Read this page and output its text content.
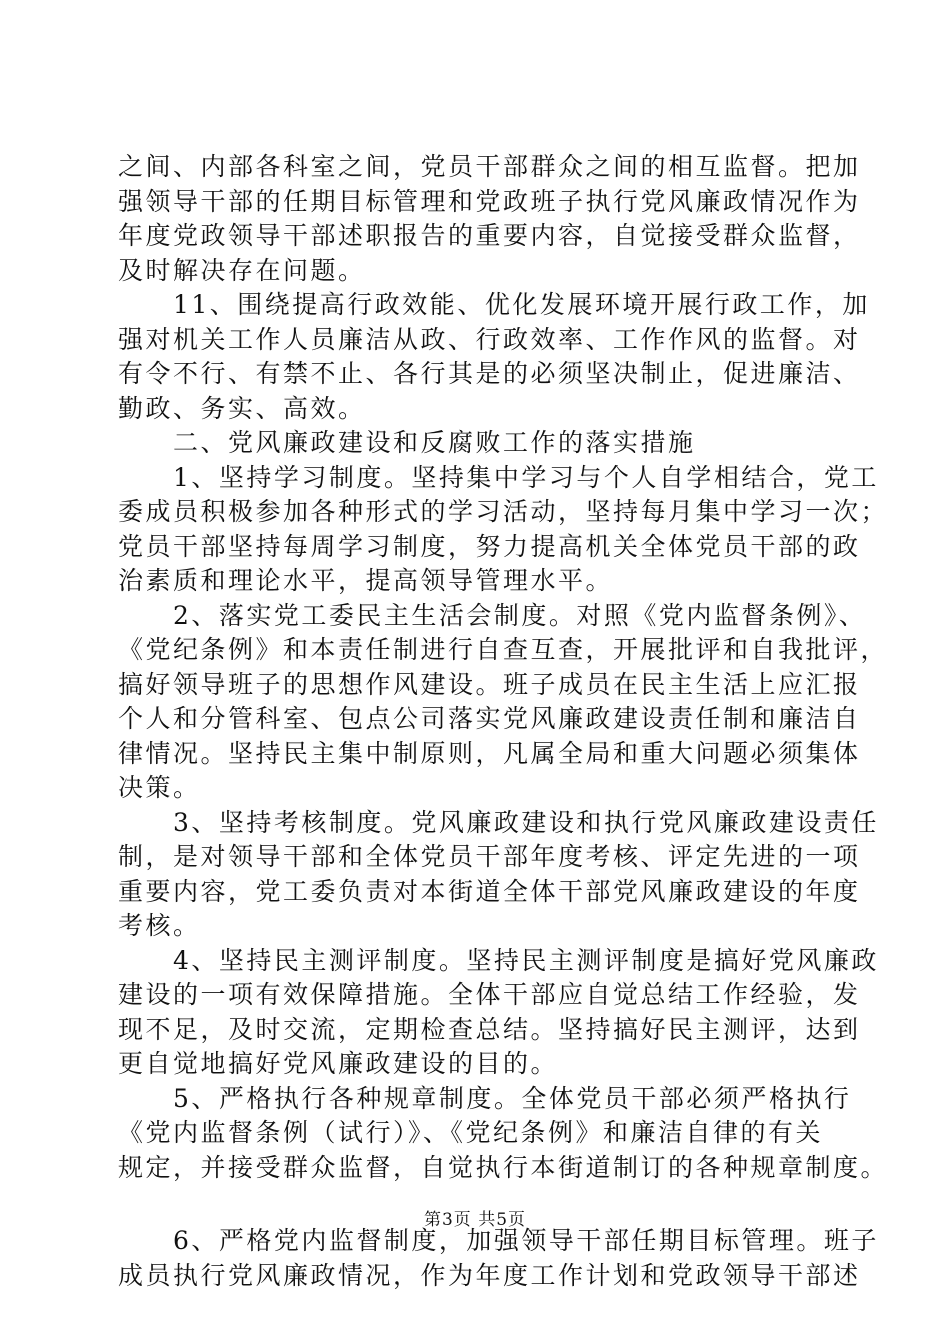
之间、内部各科室之间，党员干部群众之间的相互监督。把加
强领导干部的任期目标管理和党政班子执行党风廉政情况作为
年度党政领导干部述职报告的重要内容，自觉接受群众监督，
及时解决存在问题。
　　11、围绕提高行政效能、优化发展环境开展行政工作，加
强对机关工作人员廉洁从政、行政效率、工作作风的监督。对
有令不行、有禁不止、各行其是的必须坚决制止，促进廉洁、
勤政、务实、高效。
　　二、党风廉政建设和反腐败工作的落实措施
　　1、坚持学习制度。坚持集中学习与个人自学相结合，党工
委成员积极参加各种形式的学习活动，坚持每月集中学习一次；
党员干部坚持每周学习制度，努力提高机关全体党员干部的政
治素质和理论水平，提高领导管理水平。
　　2、落实党工委民主生活会制度。对照《党内监督条例》、
《党纪条例》和本责任制进行自查互查，开展批评和自我批评，
搞好领导班子的思想作风建设。班子成员在民主生活上应汇报
个人和分管科室、包点公司落实党风廉政建设责任制和廉洁自
律情况。坚持民主集中制原则，凡属全局和重大问题必须集体
决策。
　　3、坚持考核制度。党风廉政建设和执行党风廉政建设责任
制，是对领导干部和全体党员干部年度考核、评定先进的一项
重要内容，党工委负责对本街道全体干部党风廉政建设的年度
考核。
　　4、坚持民主测评制度。坚持民主测评制度是搞好党风廉政
建设的一项有效保障措施。全体干部应自觉总结工作经验，发
现不足，及时交流，定期检查总结。坚持搞好民主测评，达到
更自觉地搞好党风廉政建设的目的。
　　5、严格执行各种规章制度。全体党员干部必须严格执行
《党内监督条例（试行）》、《党纪条例》和廉洁自律的有关
规定，并接受群众监督，自觉执行本街道制订的各种规章制度。
　　6、严格党内监督制度，加强领导干部任期目标管理。班子
成员执行党风廉政情况，作为年度工作计划和党政领导干部述
第3页 共5页
